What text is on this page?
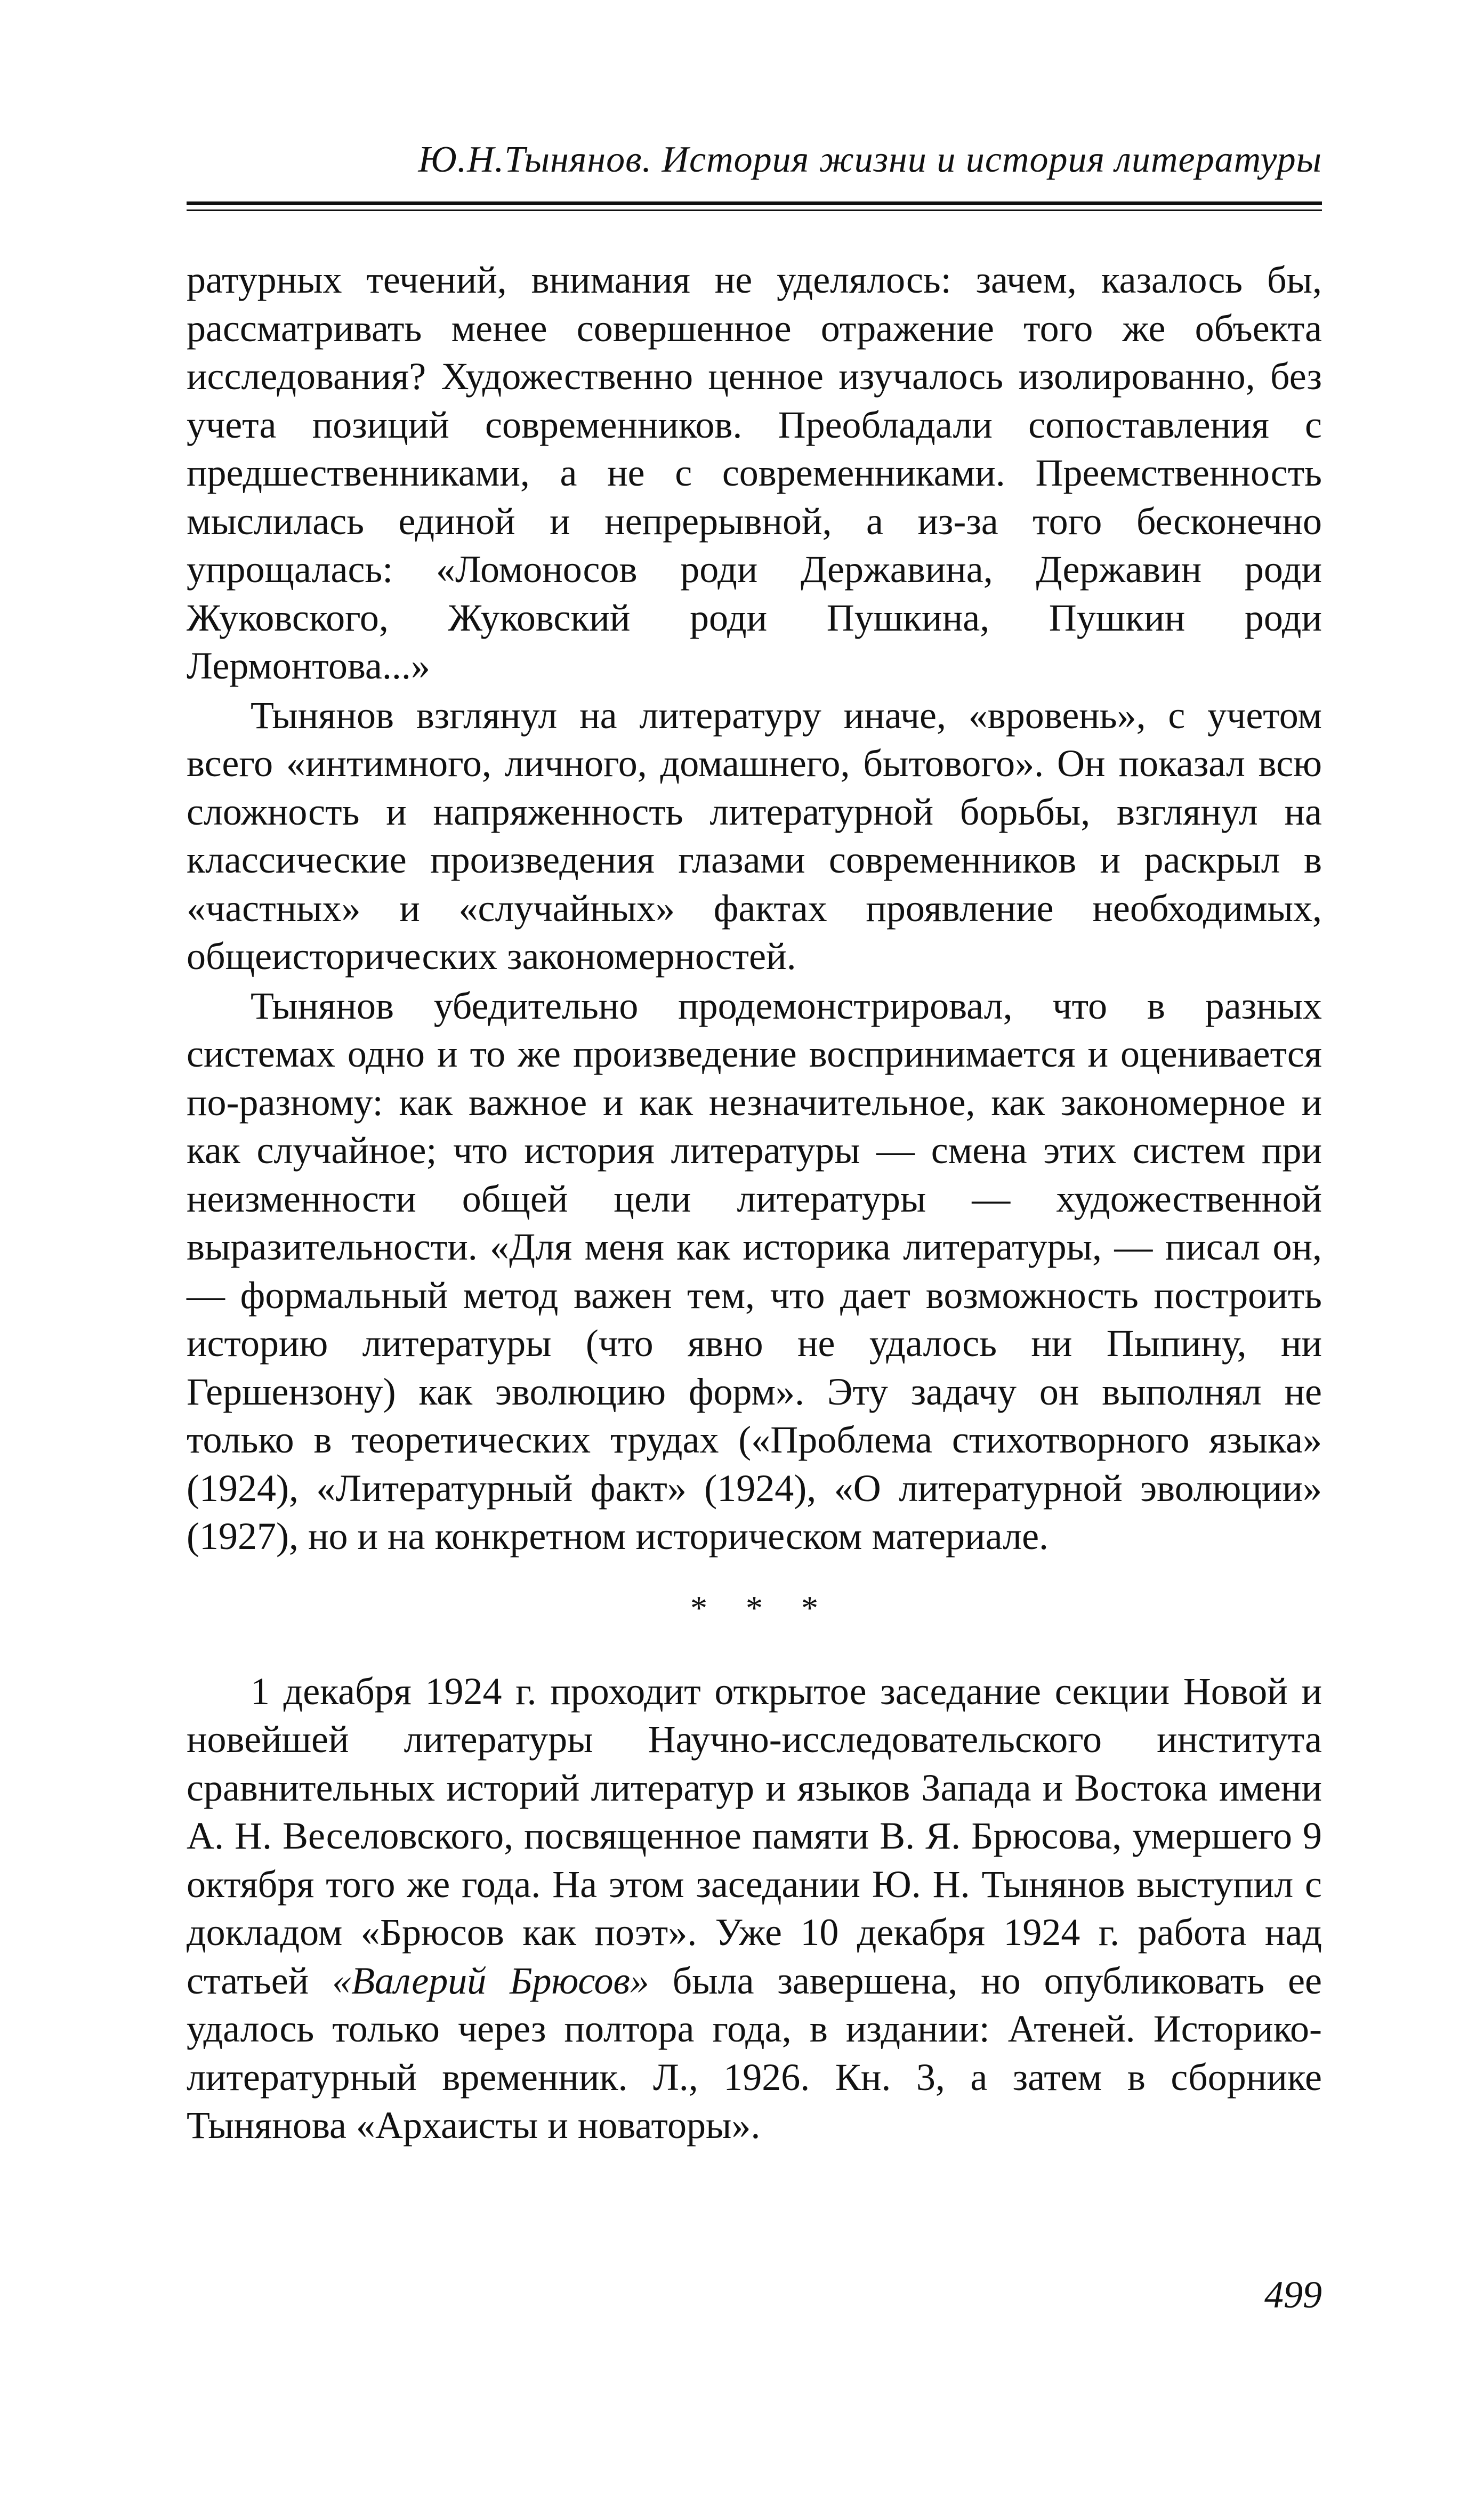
Ю.Н.Тынянов. История жизни и история литературы

ратурных течений, внимания не уделялось: зачем, казалось бы, рассматривать менее совершенное отражение того же объекта исследования? Художественно ценное изучалось изолированно, без учета позиций современников. Преобладали сопоставления с предшественниками, а не с современниками. Преемственность мыслилась единой и непрерывной, а из-за того бесконечно упрощалась: «Ломоносов роди Державина, Державин роди Жуковского, Жуковский роди Пушкина, Пушкин роди Лермонтова...»

Тынянов взглянул на литературу иначе, «вровень», с учетом всего «интимного, личного, домашнего, бытового». Он показал всю сложность и напряженность литературной борьбы, взглянул на классические произведения глазами современников и раскрыл в «частных» и «случайных» фактах проявление необходимых, общеисторических закономерностей.

Тынянов убедительно продемонстрировал, что в разных системах одно и то же произведение воспринимается и оценивается по-разному: как важное и как незначительное, как закономерное и как случайное; что история литературы — смена этих систем при неизменности общей цели литературы — художественной выразительности. «Для меня как историка литературы, — писал он, — формальный метод важен тем, что дает возможность построить историю литературы (что явно не удалось ни Пыпину, ни Гершензону) как эволюцию форм». Эту задачу он выполнял не только в теоретических трудах («Проблема стихотворного языка» (1924), «Литературный факт» (1924), «О литературной эволюции» (1927), но и на конкретном историческом материале.

* * *

1 декабря 1924 г. проходит открытое заседание секции Новой и новейшей литературы Научно-исследовательского института сравнительных историй литератур и языков Запада и Востока имени А. Н. Веселовского, посвященное памяти В. Я. Брюсова, умершего 9 октября того же года. На этом заседании Ю. Н. Тынянов выступил с докладом «Брюсов как поэт». Уже 10 декабря 1924 г. работа над статьей «Валерий Брюсов» была завершена, но опубликовать ее удалось только через полтора года, в издании: Атеней. Историко-литературный временник. Л., 1926. Кн. 3, а затем в сборнике Тынянова «Архаисты и новаторы».

499
